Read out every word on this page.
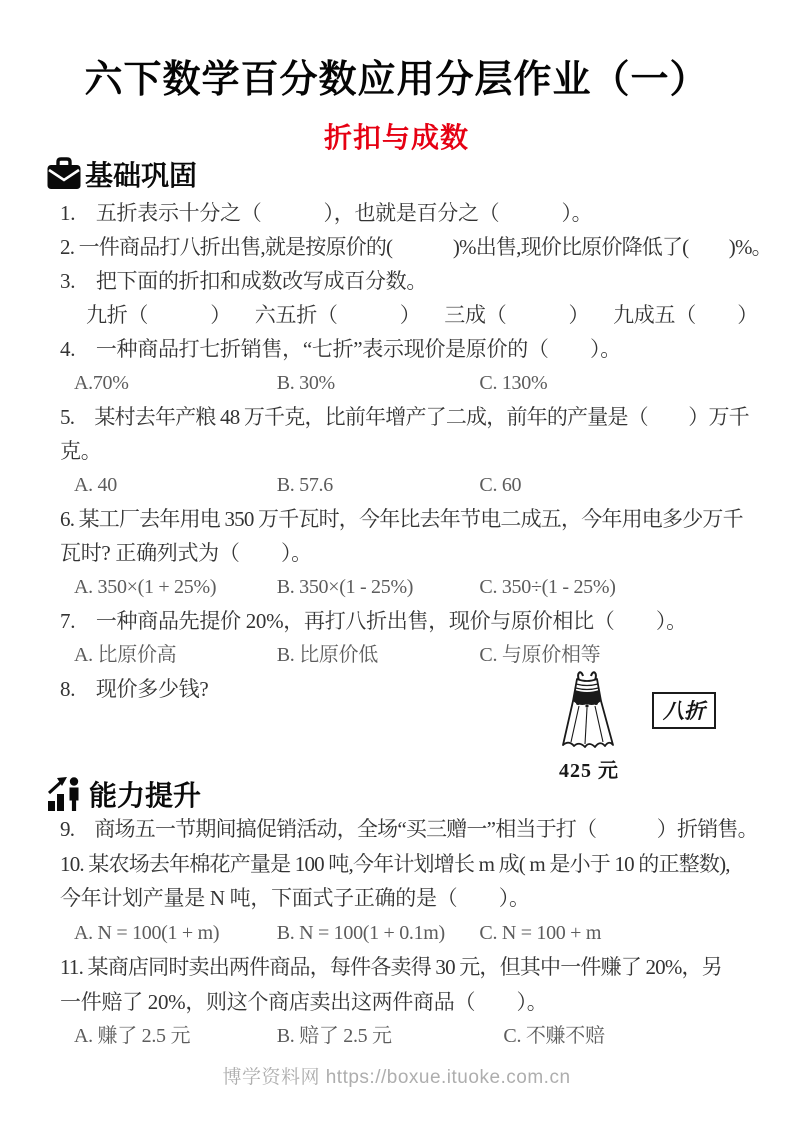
六下数学百分数应用分层作业（一）
折扣与成数
基础巩固
1.　五折表示十分之（　　　），也就是百分之（　　　）。
2. 一件商品打八折出售,就是按原价的(　　　)%出售,现价比原价降低了(　　)%。
3.　把下面的折扣和成数改写成百分数。
九折（　　　） 六五折（　　　） 三成（　　　） 九成五（　　）
4.　一种商品打七折销售，“七折”表示现价是原价的（　　）。
A.70%	B. 30%	C. 130%
5.　某村去年产粮 48 万千克，比前年增产了二成，前年的产量是（　　）万千
克。
A. 40	B. 57.6	C. 60
6. 某工厂去年用电 350 万千瓦时，今年比去年节电二成五，今年用电多少万千
瓦时? 正确列式为（　　）。
A. 350×(1 + 25%)	B. 350×(1 - 25%)	C. 350÷(1 - 25%)
7.　一种商品先提价 20%，再打八折出售，现价与原价相比（　　）。
A. 比原价高	B. 比原价低	C. 与原价相等
8.　现价多少钱?
425 元
八折
能力提升
9.　商场五一节期间搞促销活动，全场“买三赠一”相当于打（　　　）折销售。
10. 某农场去年棉花产量是 100 吨,今年计划增长 m 成( m 是小于 10 的正整数),
今年计划产量是 N 吨，下面式子正确的是（　　）。
A. N = 100(1 + m)	B. N = 100(1 + 0.1m) C. N = 100 + m
11. 某商店同时卖出两件商品，每件各卖得 30 元，但其中一件赚了 20%，另
一件赔了 20%，则这个商店卖出这两件商品（　　）。
A. 赚了 2.5 元	B. 赔了 2.5 元	C. 不赚不赔
博学资料网 https://boxue.ituoke.com.cn
